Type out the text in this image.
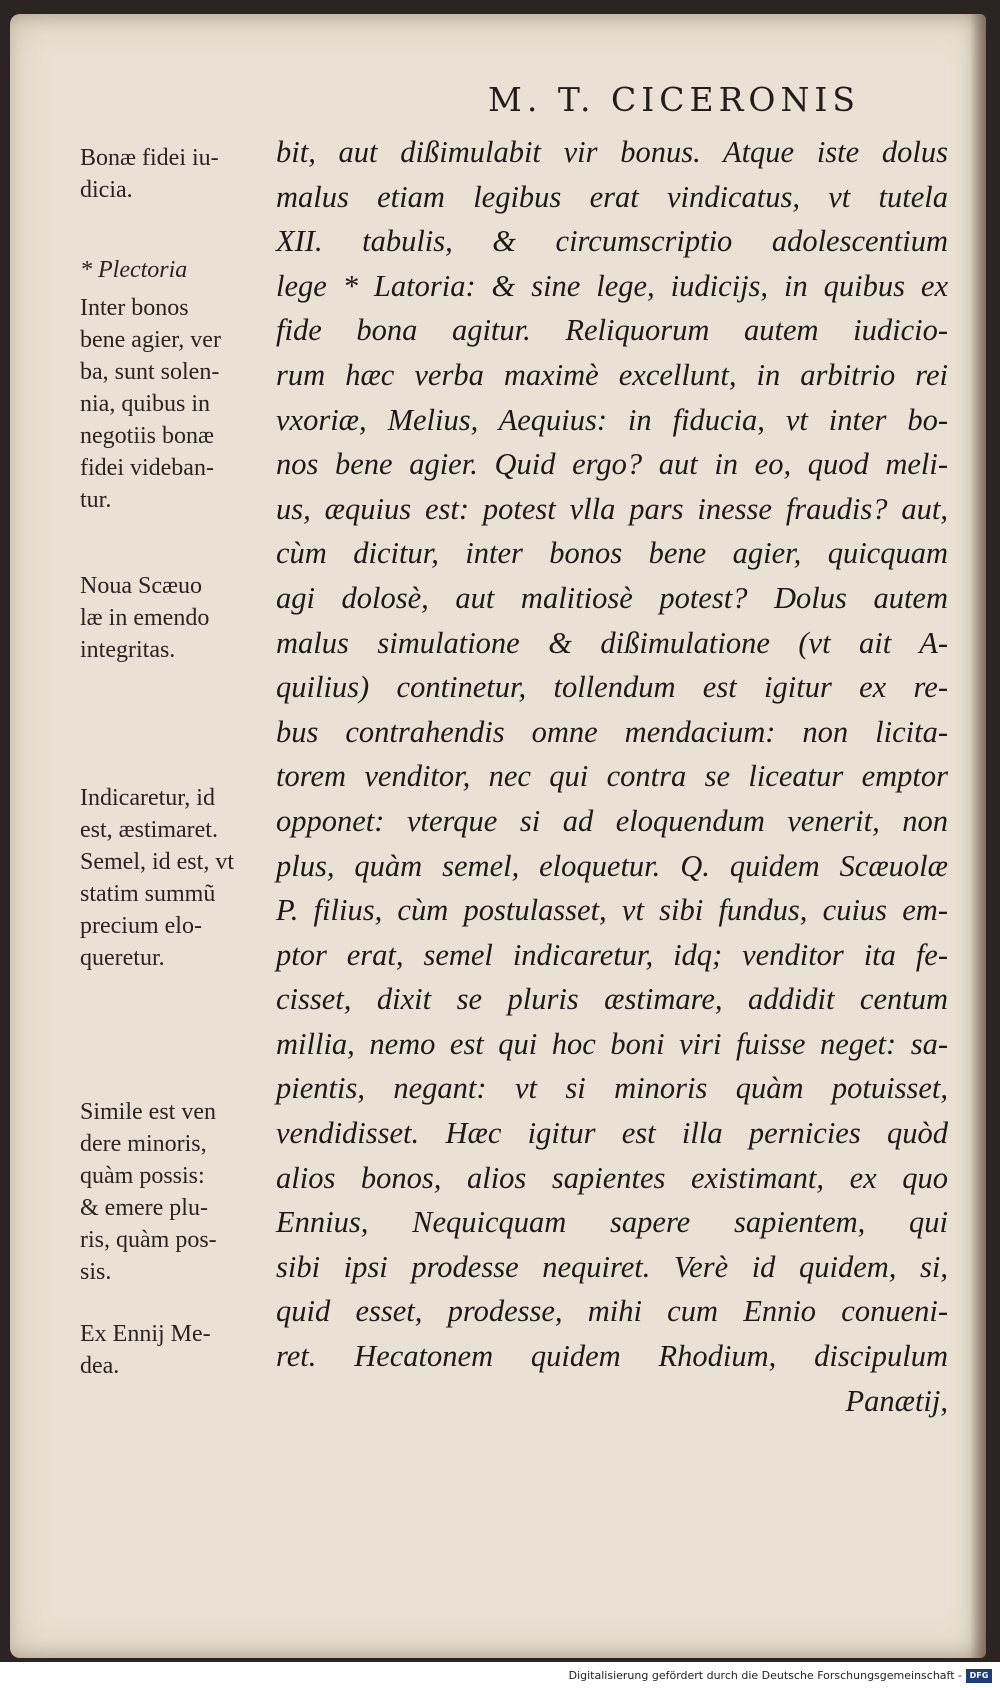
M. T. CICERONIS
bit, aut dißimulabit vir bonus. Atque iste dolus
malus etiam legibus erat vindicatus, vt tutela
XII. tabulis, & circumscriptio adolescentium
lege * Latoria: & sine lege, iudicijs, in quibus ex
fide bona agitur. Reliquorum autem iudicio-
rum hæc verba maximè excellunt, in arbitrio rei
vxoriæ, Melius, Aequius: in fiducia, vt inter bo-
nos bene agier. Quid ergo? aut in eo, quod meli-
us, æquius est: potest vlla pars inesse fraudis? aut,
cùm dicitur, inter bonos bene agier, quicquam
agi dolosè, aut malitiosè potest? Dolus autem
malus simulatione & dißimulatione (vt ait A-
quilius) continetur, tollendum est igitur ex re-
bus contrahendis omne mendacium: non licita-
torem venditor, nec qui contra se liceatur emptor
opponet: vterque si ad eloquendum venerit, non
plus, quàm semel, eloquetur. Q. quidem Scæuolæ
P. filius, cùm postulasset, vt sibi fundus, cuius em-
ptor erat, semel indicaretur, idq; venditor ita fe-
cisset, dixit se pluris æstimare, addidit centum
millia, nemo est qui hoc boni viri fuisse neget: sa-
pientis, negant: vt si minoris quàm potuisset,
vendidisset. Hæc igitur est illa pernicies quòd
alios bonos, alios sapientes existimant, ex quo
Ennius, Nequicquam sapere sapientem, qui
sibi ipsi prodesse nequiret. Verè id quidem, si,
quid esset, prodesse, mihi cum Ennio conueni-
ret. Hecatonem quidem Rhodium, discipulum
Panætij,
Bonæ fidei iu-
dicia.
* Plectoria
Inter bonos
bene agier, ver
ba, sunt solen-
nia, quibus in
negotiis bonæ
fidei videban-
tur.
Noua Scæuo
læ in emendo
integritas.
Indicaretur, id
est, æstimaret.
Semel, id est, vt
statim summũ
precium elo-
queretur.
Simile est ven
dere minoris,
quàm possis:
& emere plu-
ris, quàm pos-
sis.
Ex Ennij Me-
dea.
Digitalisierung gefördert durch die Deutsche Forschungsgemeinschaft - DFG
